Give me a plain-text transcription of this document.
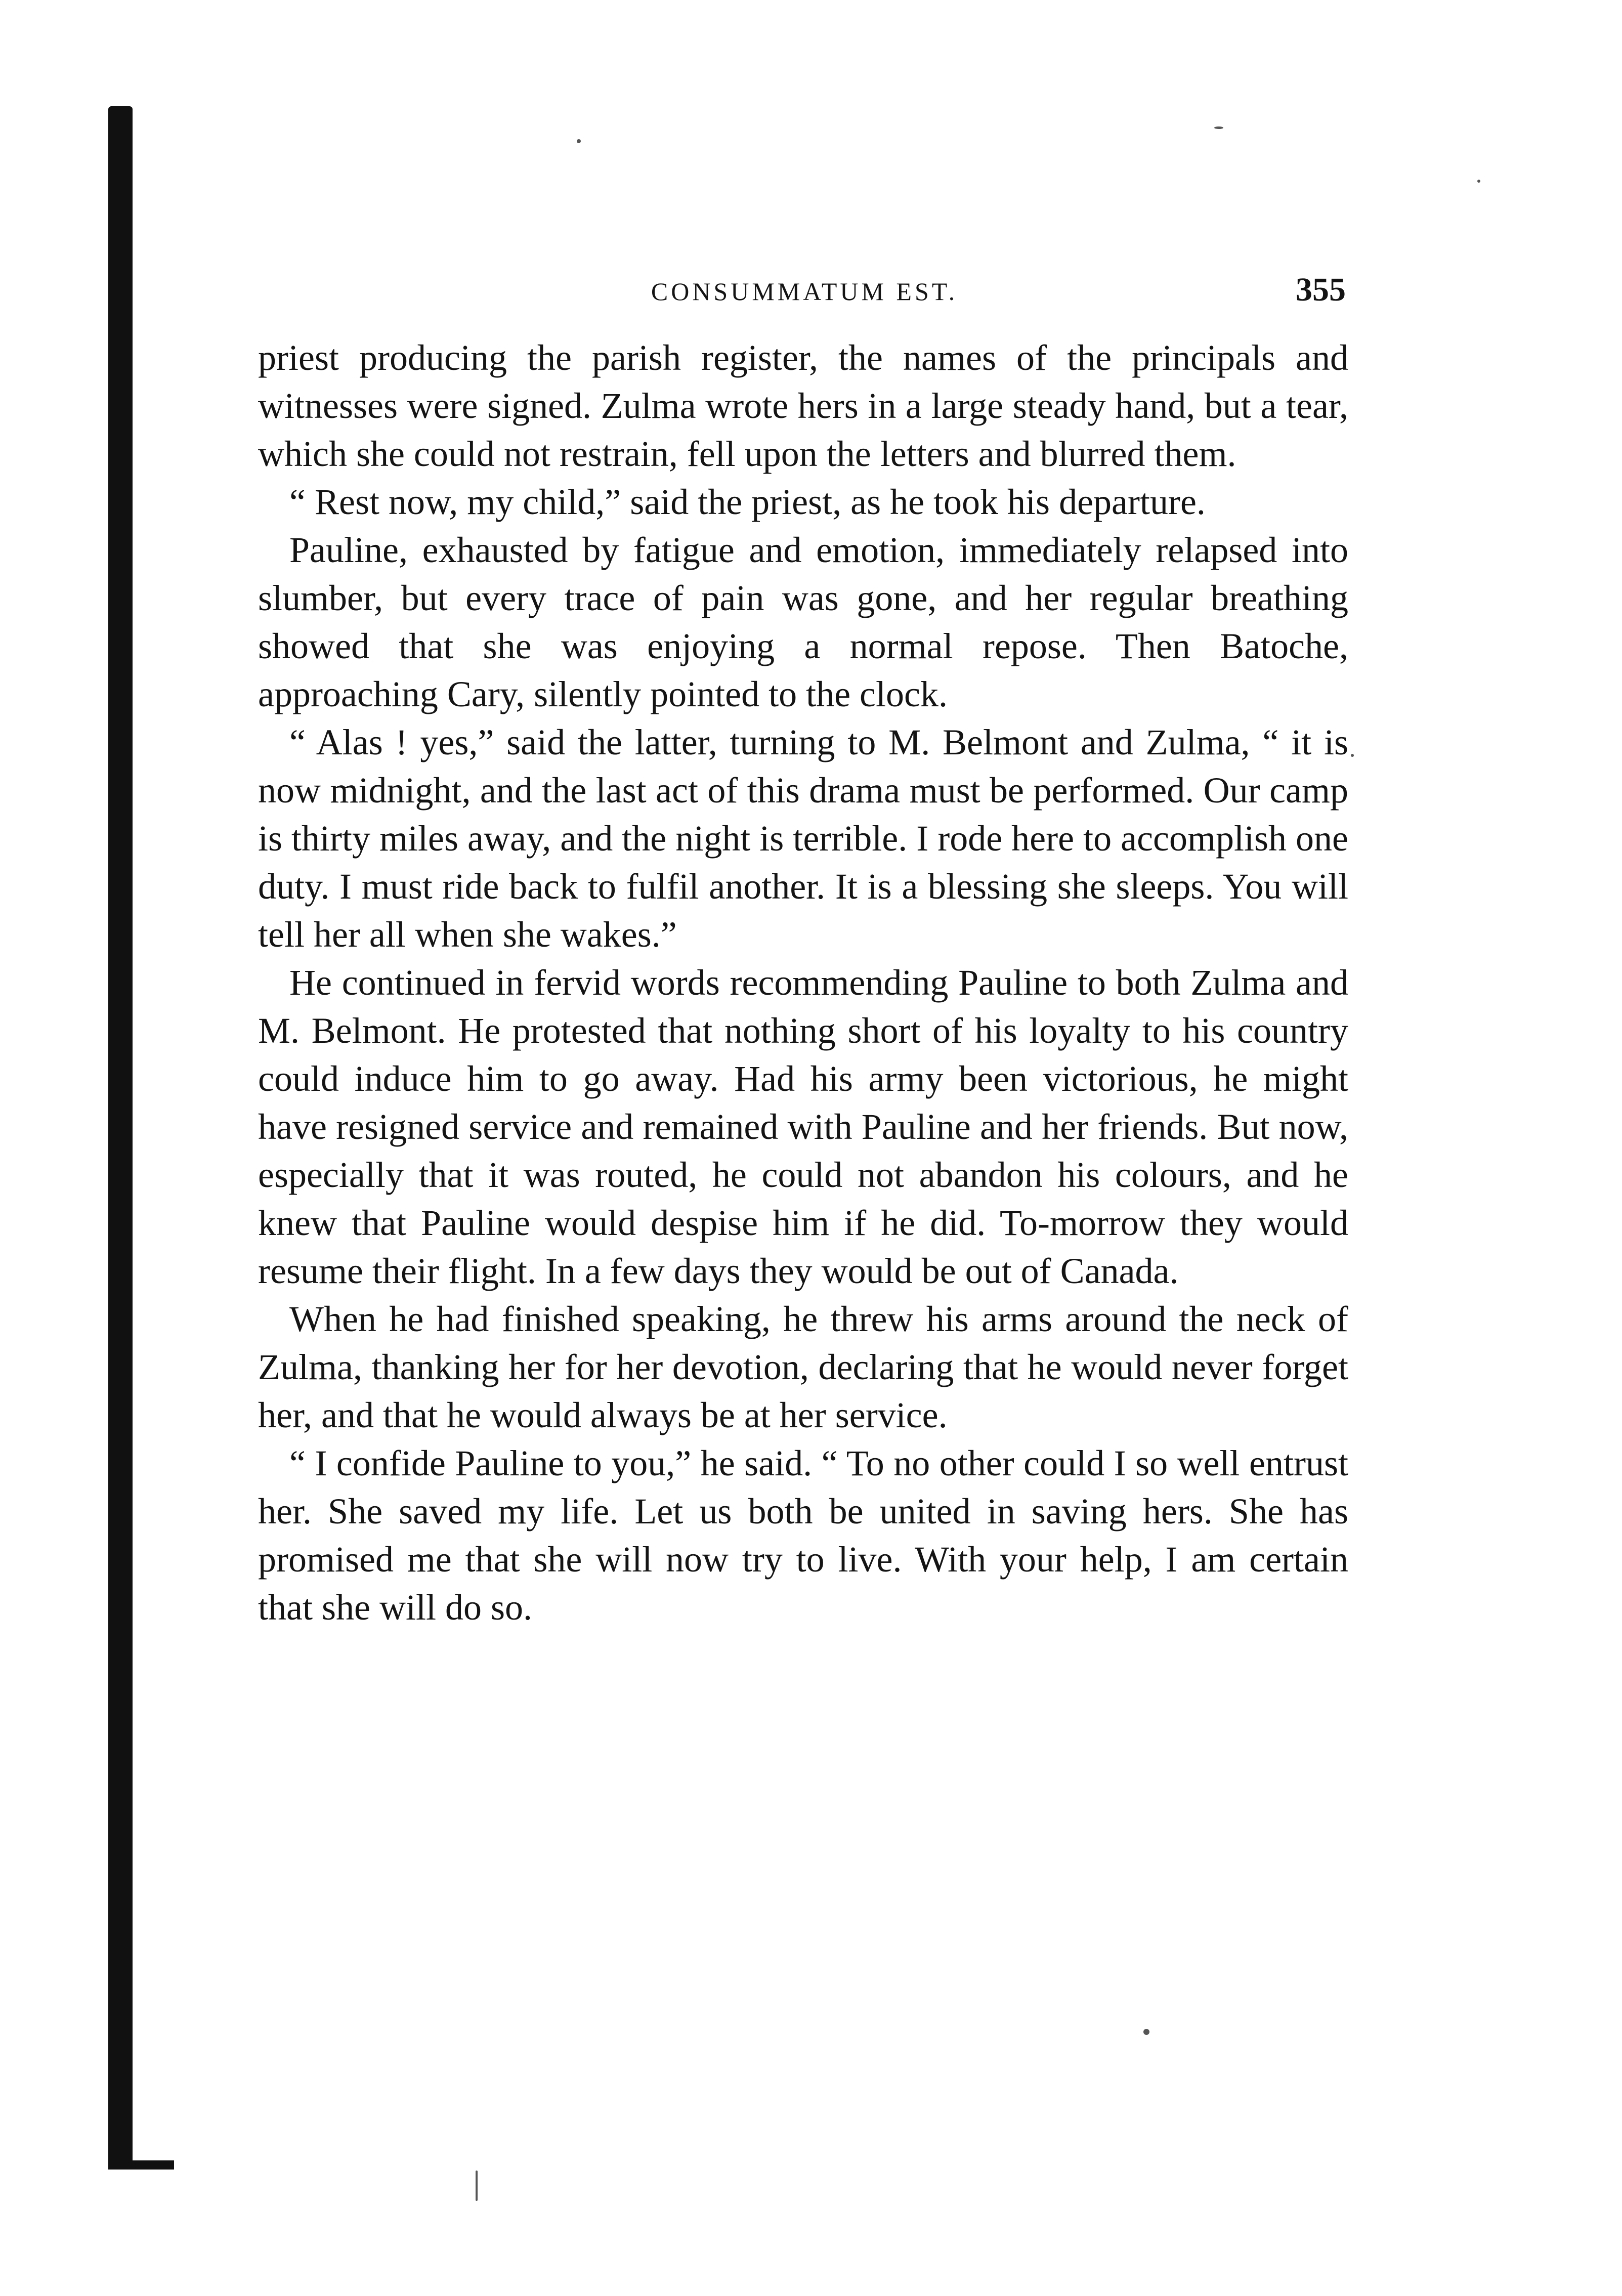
CONSUMMATUM EST.	355

priest producing the parish register, the names of the principals and witnesses were signed. Zulma wrote hers in a large steady hand, but a tear, which she could not restrain, fell upon the letters and blurred them.

“ Rest now, my child,” said the priest, as he took his departure.

Pauline, exhausted by fatigue and emotion, immediately relapsed into slumber, but every trace of pain was gone, and her regular breathing showed that she was enjoying a normal repose. Then Batoche, approaching Cary, silently pointed to the clock.

“ Alas ! yes,” said the latter, turning to M. Belmont and Zulma, “ it is now midnight, and the last act of this drama must be performed. Our camp is thirty miles away, and the night is terrible. I rode here to accomplish one duty. I must ride back to fulfil another. It is a blessing she sleeps. You will tell her all when she wakes.”

He continued in fervid words recommending Pauline to both Zulma and M. Belmont. He protested that nothing short of his loyalty to his country could induce him to go away. Had his army been victorious, he might have resigned service and remained with Pauline and her friends. But now, especially that it was routed, he could not abandon his colours, and he knew that Pauline would despise him if he did. To-morrow they would resume their flight. In a few days they would be out of Canada.

When he had finished speaking, he threw his arms around the neck of Zulma, thanking her for her devotion, declaring that he would never forget her, and that he would always be at her service.

“ I confide Pauline to you,” he said. “ To no other could I so well entrust her. She saved my life. Let us both be united in saving hers. She has promised me that she will now try to live. With your help, I am certain that she will do so.
